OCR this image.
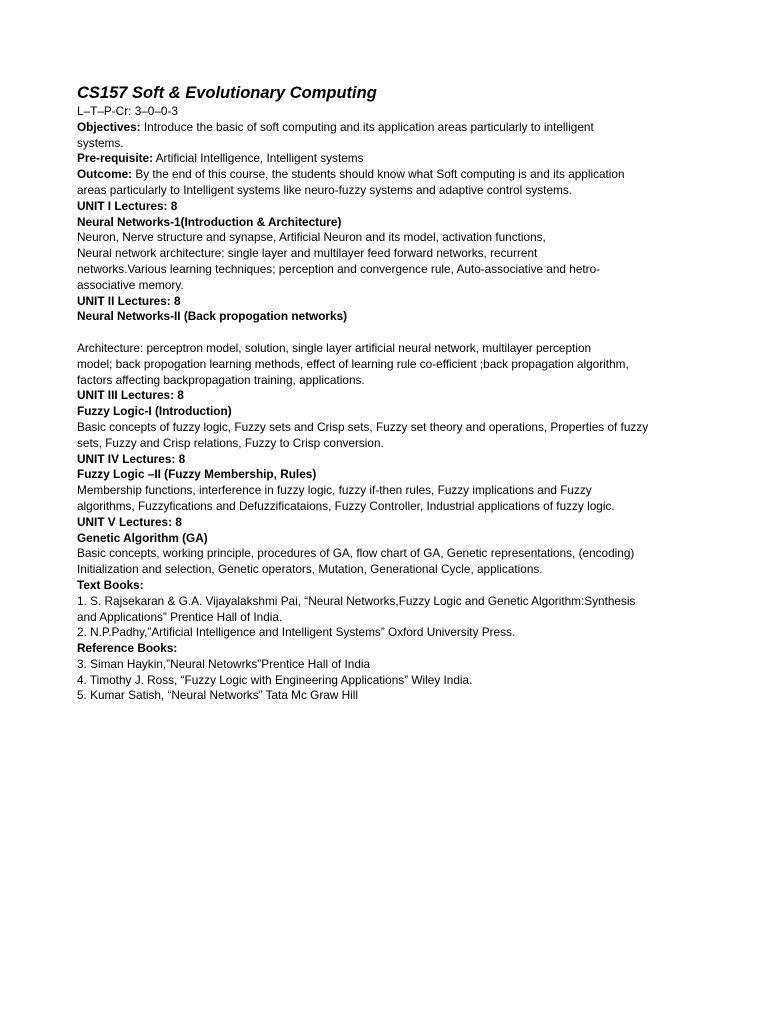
CS157 Soft & Evolutionary Computing
L–T–P-Cr: 3–0–0-3
Objectives: Introduce the basic of soft computing and its application areas particularly to intelligent
systems.
Pre-requisite: Artificial Intelligence, Intelligent systems
Outcome: By the end of this course, the students should know what Soft computing is and its application
areas particularly to Intelligent systems like neuro-fuzzy systems and adaptive control systems.
UNIT I Lectures: 8
Neural Networks-1(Introduction & Architecture)
Neuron, Nerve structure and synapse, Artificial Neuron and its model, activation functions,
Neural network architecture: single layer and multilayer feed forward networks, recurrent
networks.Various learning techniques; perception and convergence rule, Auto-associative and hetro-
associative memory.
UNIT II Lectures: 8
Neural Networks-II (Back propogation networks)
Architecture: perceptron model, solution, single layer artificial neural network, multilayer perception
model; back propogation learning methods, effect of learning rule co-efficient ;back propagation algorithm,
factors affecting backpropagation training, applications.
UNIT III Lectures: 8
Fuzzy Logic-I (Introduction)
Basic concepts of fuzzy logic, Fuzzy sets and Crisp sets, Fuzzy set theory and operations, Properties of fuzzy
sets, Fuzzy and Crisp relations, Fuzzy to Crisp conversion.
UNIT IV Lectures: 8
Fuzzy Logic –II (Fuzzy Membership, Rules)
Membership functions, interference in fuzzy logic, fuzzy if-then rules, Fuzzy implications and Fuzzy
algorithms, Fuzzyfications and Defuzzificataions, Fuzzy Controller, Industrial applications of fuzzy logic.
UNIT V Lectures: 8
Genetic Algorithm (GA)
Basic concepts, working principle, procedures of GA, flow chart of GA, Genetic representations, (encoding)
Initialization and selection, Genetic operators, Mutation, Generational Cycle, applications.
Text Books:
1. S. Rajsekaran & G.A. Vijayalakshmi Pai, “Neural Networks,Fuzzy Logic and Genetic Algorithm:Synthesis
and Applications” Prentice Hall of India.
2. N.P.Padhy,”Artificial Intelligence and Intelligent Systems” Oxford University Press.
Reference Books:
3. Siman Haykin,”Neural Netowrks”Prentice Hall of India
4. Timothy J. Ross, “Fuzzy Logic with Engineering Applications” Wiley India.
5. Kumar Satish, “Neural Networks” Tata Mc Graw Hill
